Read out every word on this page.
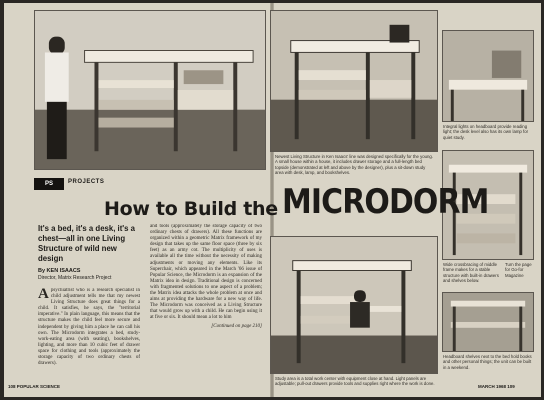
PS	PROJECTS
How to Build the MICRODORM
It's a bed, it's a desk, it's a chest—all in one Living Structure of wild new design
By KEN ISAACS
Director, Matrix Research Project
A psychiatrist who is a research specialist in child adjustment tells me that my newest Living Structure does great things for a child. It satisfies, he says, the "territorial imperative." In plain language, this means that the structure makes the child feel more secure and independent by giving him a place he can call his own. The Microdorm integrates a bed, study-work-eating area (with seating), bookshelves, lighting, and more than 10 cubic feet of drawer space for clothing and tools (approximately the storage capacity of two ordinary chests of drawers).
and tools (approximately the storage capacity of two ordinary chests of drawers). All these functions are organized within a geometric Matrix framework of my design that takes up the same floor space (three by six feet) as an army cot. The multiplicity of uses is available all the time without the necessity of making adjustments or moving any elements. Like its Superchair, which appeared in the March '66 issue of Popular Science, the Microdorm is an expansion of the Matrix idea in design. Traditional design is concerned with fragmented solutions to one aspect of a problem; the Matrix idea attacks the whole problem at once and aims at providing the hardware for a new way of life. The Microdorm was conceived as a Living Structure that would grow up with a child. He can begin using it at five or six. It should mean a lot to him
[Continued on page 210]
Newest Living Structure in Ken Isaacs' line was designed specifically for the young. A small house within a house, it includes drawer storage and a full-length bed topside (demonstrated at left and above by the designer), plus a sit-down study area with desk, lamp, and bookshelves.
Integral lights on headboard provide reading light; the desk level also has its own lamp for quiet study.
Wide crossbracing of middle frame makes for a stable structure with built-in drawers and shelves below.
Turn the page for Go-for Magazine
Headboard shelves next to the bed hold books and other personal things; the unit can be built in a weekend.
Study area is a total work center with equipment close at hand. Light panels are adjustable; pull-out drawers provide tools and supplies right where the work is done.
108 POPULAR SCIENCE	MARCH 1968 109
